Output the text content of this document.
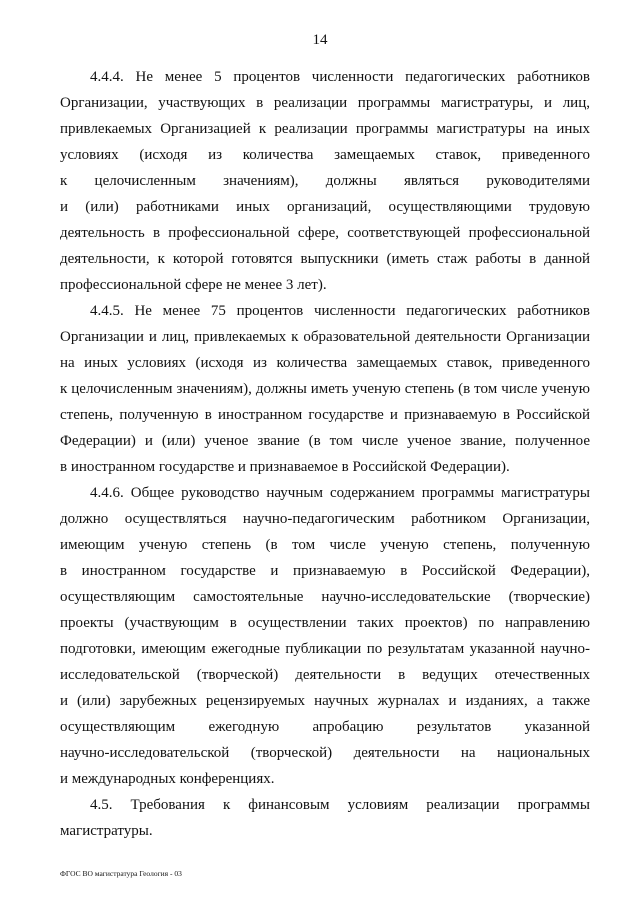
14
4.4.4. Не менее 5 процентов численности педагогических работников
Организации, участвующих в реализации программы магистратуры, и лиц,
привлекаемых Организацией к реализации программы магистратуры на иных
условиях (исходя из количества замещаемых ставок, приведенного
к целочисленным значениям), должны являться руководителями
и (или) работниками иных организаций, осуществляющими трудовую
деятельность в профессиональной сфере, соответствующей профессиональной
деятельности, к которой готовятся выпускники (иметь стаж работы в данной
профессиональной сфере не менее 3 лет).
4.4.5. Не менее 75 процентов численности педагогических работников
Организации и лиц, привлекаемых к образовательной деятельности Организации
на иных условиях (исходя из количества замещаемых ставок, приведенного
к целочисленным значениям), должны иметь ученую степень (в том числе ученую
степень, полученную в иностранном государстве и признаваемую в Российской
Федерации) и (или) ученое звание (в том числе ученое звание, полученное
в иностранном государстве и признаваемое в Российской Федерации).
4.4.6. Общее руководство научным содержанием программы магистратуры
должно осуществляться научно-педагогическим работником Организации,
имеющим ученую степень (в том числе ученую степень, полученную
в иностранном государстве и признаваемую в Российской Федерации),
осуществляющим самостоятельные научно-исследовательские (творческие)
проекты (участвующим в осуществлении таких проектов) по направлению
подготовки, имеющим ежегодные публикации по результатам указанной научно-
исследовательской (творческой) деятельности в ведущих отечественных
и (или) зарубежных рецензируемых научных журналах и изданиях, а также
осуществляющим ежегодную апробацию результатов указанной
научно-исследовательской (творческой) деятельности на национальных
и международных конференциях.
4.5. Требования к финансовым условиям реализации программы
магистратуры.
ФГОС ВО магистратура Геология - 03
